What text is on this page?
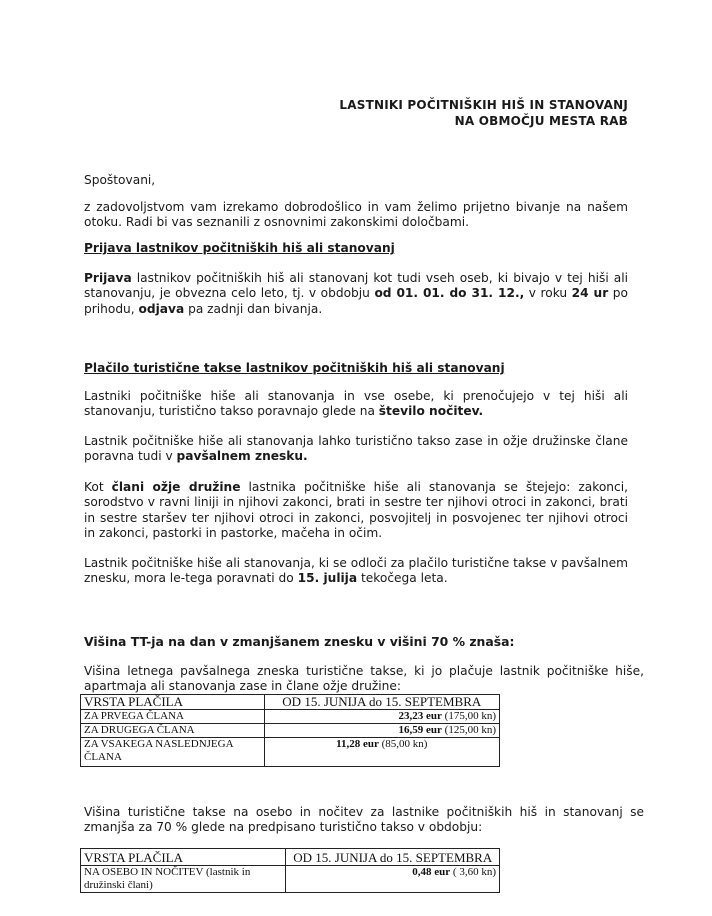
LASTNIKI POČITNIŠKIH HIŠ IN STANOVANJ
NA OBMOČJU MESTA RAB
Spoštovani,
z zadovoljstvom vam izrekamo dobrodošlico in vam želimo prijetno bivanje na našem otoku. Radi bi vas seznanili z osnovnimi zakonskimi določbami.
Prijava lastnikov počitniških hiš ali stanovanj
Prijava lastnikov počitniških hiš ali stanovanj kot tudi vseh oseb, ki bivajo v tej hiši ali stanovanju, je obvezna celo leto, tj. v obdobju od 01. 01. do 31. 12., v roku 24 ur po prihodu, odjava pa zadnji dan bivanja.
Plačilo turistične takse lastnikov počitniških hiš ali stanovanj
Lastniki počitniške hiše ali stanovanja in vse osebe, ki prenočujejo v tej hiši ali stanovanju, turistično takso poravnajo glede na število nočitev.
Lastnik počitniške hiše ali stanovanja lahko turistično takso zase in ožje družinske člane poravna tudi v pavšalnem znesku.
Kot člani ožje družine lastnika počitniške hiše ali stanovanja se štejejo: zakonci, sorodstvo v ravni liniji in njihovi zakonci, brati in sestre ter njihovi otroci in zakonci, brati in sestre staršev ter njihovi otroci in zakonci, posvojitelj in posvojenec ter njihovi otroci in zakonci, pastorki in pastorke, mačeha in očim.
Lastnik počitniške hiše ali stanovanja, ki se odloči za plačilo turistične takse v pavšalnem znesku, mora le-tega poravnati do 15. julija tekočega leta.
Višina TT-ja na dan v zmanjšanem znesku v višini 70 % znaša:
Višina letnega pavšalnega zneska turistične takse, ki jo plačuje lastnik počitniške hiše, apartmaja ali stanovanja zase in člane ožje družine:
VRSTA PLAČILA	OD 15. JUNIJA do 15. SEPTEMBRA
ZA PRVEGA ČLANA	23,23 eur (175,00 kn)
ZA DRUGEGA ČLANA	16,59 eur (125,00 kn)
ZA VSAKEGA NASLEDNJEGA ČLANA	11,28 eur (85,00 kn)
Višina turistične takse na osebo in nočitev za lastnike počitniških hiš in stanovanj se zmanjša za 70 % glede na predpisano turistično takso v obdobju:
VRSTA PLAČILA	OD 15. JUNIJA do 15. SEPTEMBRA
NA OSEBO IN NOČITEV (lastnik in družinski člani)	0,48 eur ( 3,60 kn)
